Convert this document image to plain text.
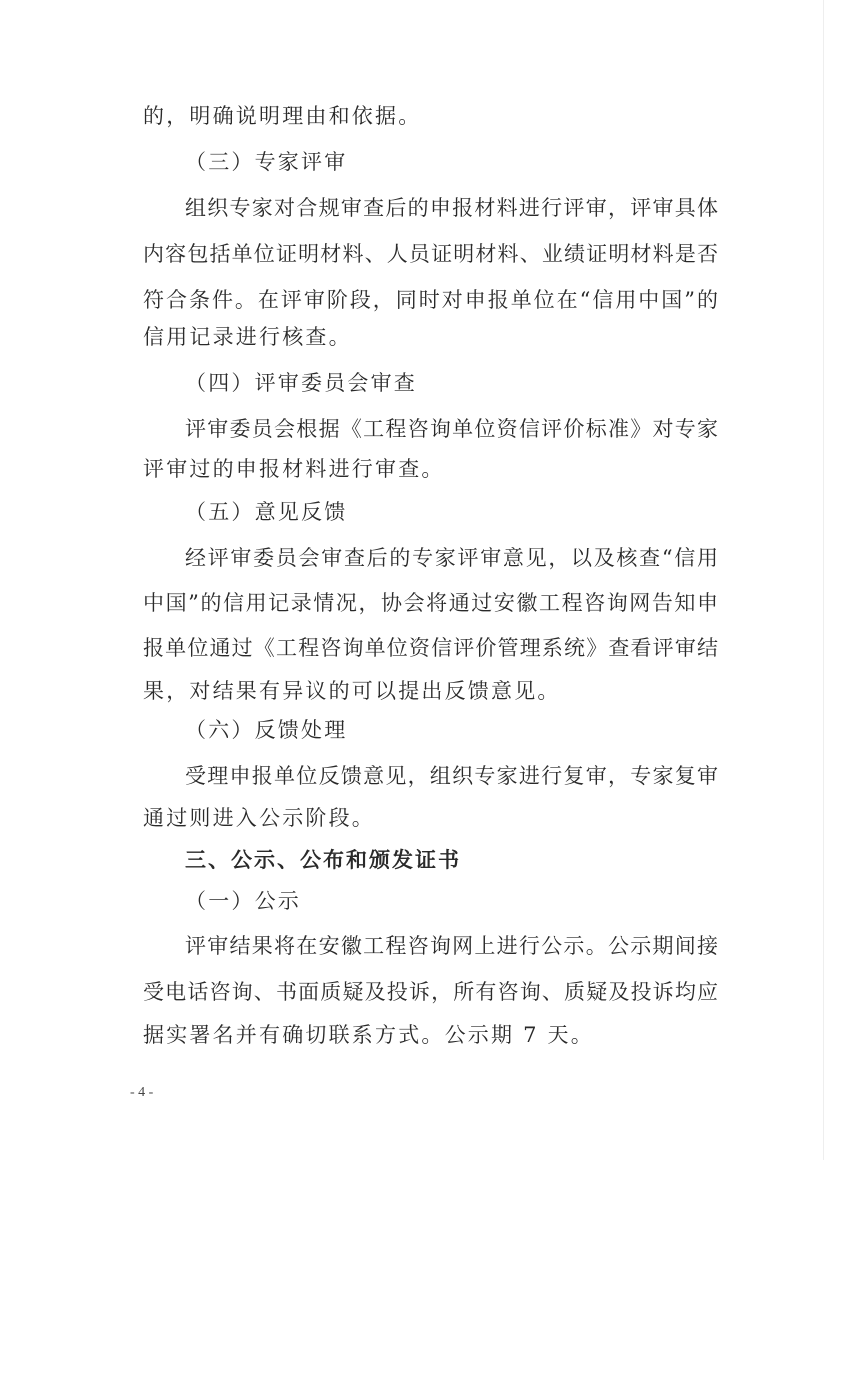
的，明确说明理由和依据。
（三）专家评审
组织专家对合规审查后的申报材料进行评审，评审具体
内容包括单位证明材料、人员证明材料、业绩证明材料是否
符合条件。在评审阶段，同时对申报单位在“信用中国”的
信用记录进行核查。
（四）评审委员会审查
评审委员会根据《工程咨询单位资信评价标准》对专家
评审过的申报材料进行审查。
（五）意见反馈
经评审委员会审查后的专家评审意见，以及核查“信用
中国”的信用记录情况，协会将通过安徽工程咨询网告知申
报单位通过《工程咨询单位资信评价管理系统》查看评审结
果，对结果有异议的可以提出反馈意见。
（六）反馈处理
受理申报单位反馈意见，组织专家进行复审，专家复审
通过则进入公示阶段。
三、公示、公布和颁发证书
（一）公示
评审结果将在安徽工程咨询网上进行公示。公示期间接
受电话咨询、书面质疑及投诉，所有咨询、质疑及投诉均应
据实署名并有确切联系方式。公示期 7 天。
- 4 -
